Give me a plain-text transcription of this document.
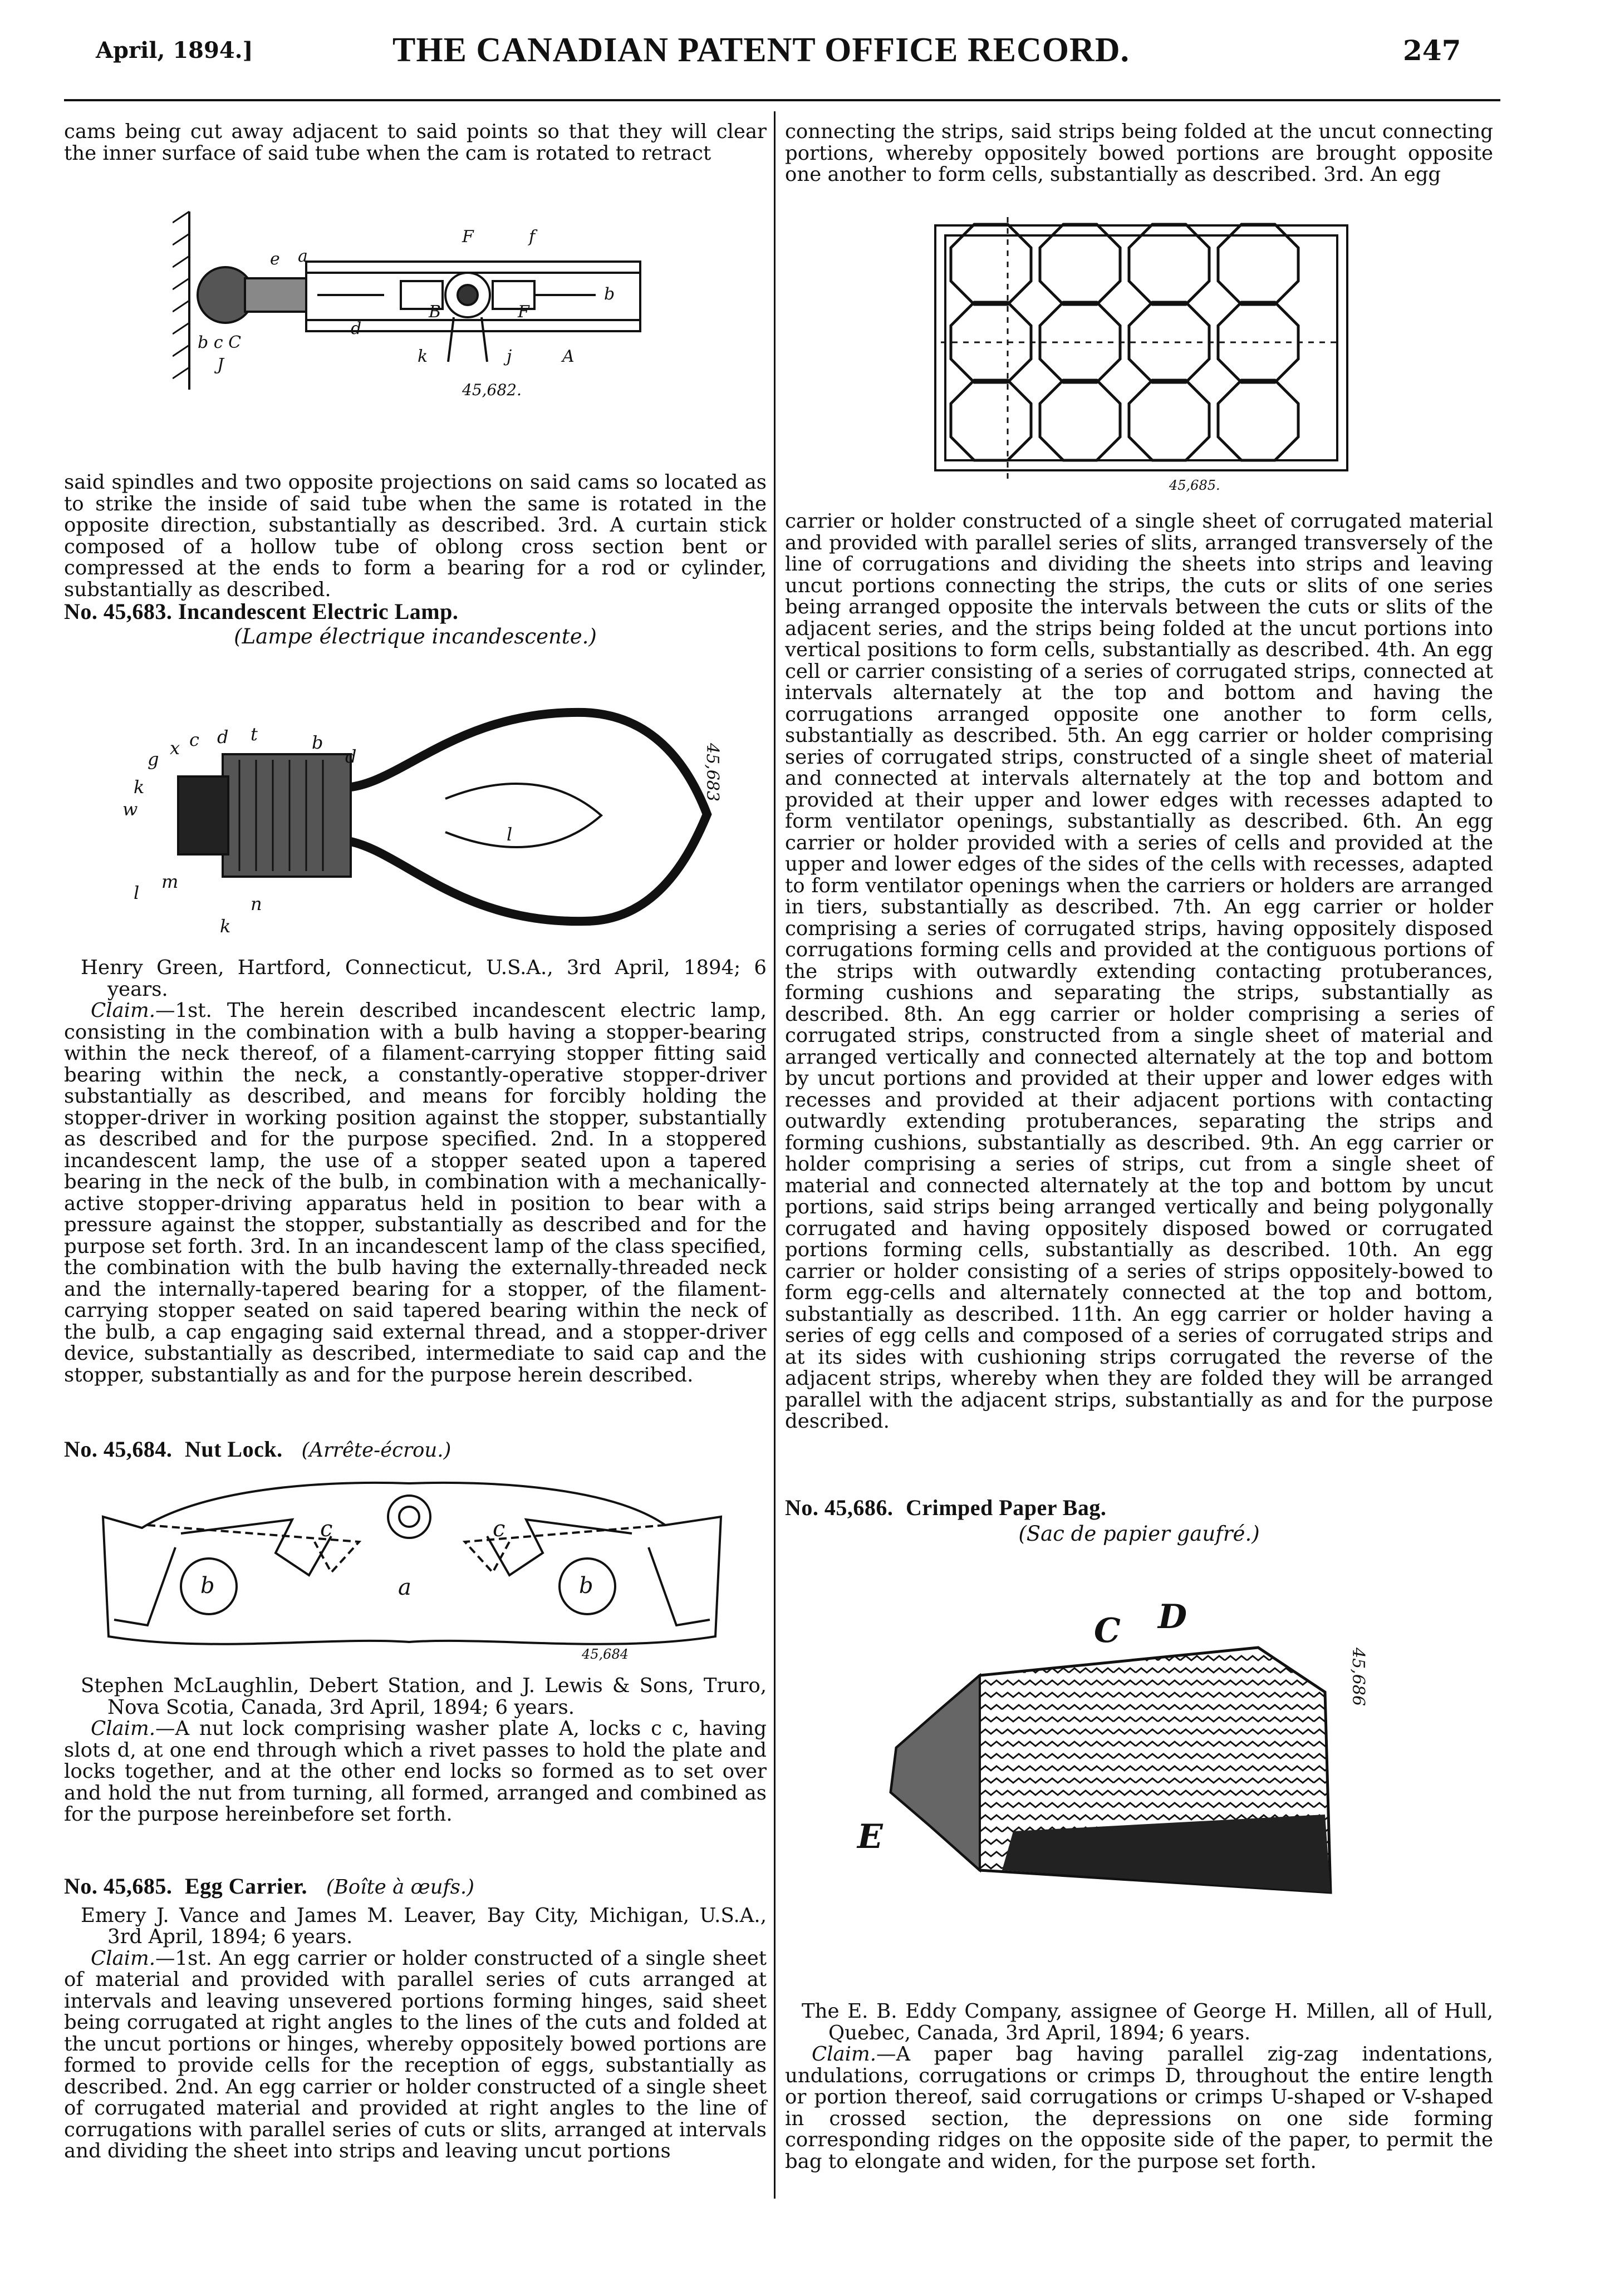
April, 1894.]	THE CANADIAN PATENT OFFICE RECORD.	247

cams being cut away adjacent to said points so that they will clear the inner surface of said tube when the cam is rotated to retract

e a
F	f
B	F
b
d
b c C
J	k	j	A
45,682.

said spindles and two opposite projections on said cams so located as to strike the inside of said tube when the same is rotated in the opposite direction, substantially as described. 3rd. A curtain stick composed of a hollow tube of oblong cross section bent or compressed at the ends to form a bearing for a rod or cylinder, substantially as described.

No. 45,683. Incandescent Electric Lamp.

(Lampe électrique incandescente.)

x
g
c d t	b
d
w
k
l
m
n
k
l
45,683

Henry Green, Hartford, Connecticut, U.S.A., 3rd April, 1894; 6 years.

Claim.—1st. The herein described incandescent electric lamp, consisting in the combination with a bulb having a stopper-bearing within the neck thereof, of a filament-carrying stopper fitting said bearing within the neck, a constantly-operative stopper-driver substantially as described, and means for forcibly holding the stopper-driver in working position against the stopper, substantially as described and for the purpose specified. 2nd. In a stoppered incandescent lamp, the use of a stopper seated upon a tapered bearing in the neck of the bulb, in combination with a mechanically-active stopper-driving apparatus held in position to bear with a pressure against the stopper, substantially as described and for the purpose set forth. 3rd. In an incandescent lamp of the class specified, the combination with the bulb having the externally-threaded neck and the internally-tapered bearing for a stopper, of the filament-carrying stopper seated on said tapered bearing within the neck of the bulb, a cap engaging said external thread, and a stopper-driver device, substantially as described, intermediate to said cap and the stopper, substantially as and for the purpose herein described.

No. 45,684. Nut Lock. (Arrête-écrou.)

b	b
a
c	c
45,684

Stephen McLaughlin, Debert Station, and J. Lewis & Sons, Truro, Nova Scotia, Canada, 3rd April, 1894; 6 years.

Claim.—A nut lock comprising washer plate A, locks c c, having slots d, at one end through which a rivet passes to hold the plate and locks together, and at the other end locks so formed as to set over and hold the nut from turning, all formed, arranged and combined as for the purpose hereinbefore set forth.

No. 45,685. Egg Carrier. (Boîte à œufs.)

Emery J. Vance and James M. Leaver, Bay City, Michigan, U.S.A., 3rd April, 1894; 6 years.

Claim.—1st. An egg carrier or holder constructed of a single sheet of material and provided with parallel series of cuts arranged at intervals and leaving unsevered portions forming hinges, said sheet being corrugated at right angles to the lines of the cuts and folded at the uncut portions or hinges, whereby oppositely bowed portions are formed to provide cells for the reception of eggs, substantially as described. 2nd. An egg carrier or holder constructed of a single sheet of corrugated material and provided at right angles to the line of corrugations with parallel series of cuts or slits, arranged at intervals and dividing the sheet into strips and leaving uncut portions

connecting the strips, said strips being folded at the uncut connecting portions, whereby oppositely bowed portions are brought opposite one another to form cells, substantially as described. 3rd. An egg

45,685.

carrier or holder constructed of a single sheet of corrugated material and provided with parallel series of slits, arranged transversely of the line of corrugations and dividing the sheets into strips and leaving uncut portions connecting the strips, the cuts or slits of one series being arranged opposite the intervals between the cuts or slits of the adjacent series, and the strips being folded at the uncut portions into vertical positions to form cells, substantially as described. 4th. An egg cell or carrier consisting of a series of corrugated strips, connected at intervals alternately at the top and bottom and having the corrugations arranged opposite one another to form cells, substantially as described. 5th. An egg carrier or holder comprising series of corrugated strips, constructed of a single sheet of material and connected at intervals alternately at the top and bottom and provided at their upper and lower edges with recesses adapted to form ventilator openings, substantially as described. 6th. An egg carrier or holder provided with a series of cells and provided at the upper and lower edges of the sides of the cells with recesses, adapted to form ventilator openings when the carriers or holders are arranged in tiers, substantially as described. 7th. An egg carrier or holder comprising a series of corrugated strips, having oppositely disposed corrugations forming cells and provided at the contiguous portions of the strips with outwardly extending contacting protuberances, forming cushions and separating the strips, substantially as described. 8th. An egg carrier or holder comprising a series of corrugated strips, constructed from a single sheet of material and arranged vertically and connected alternately at the top and bottom by uncut portions and provided at their upper and lower edges with recesses and provided at their adjacent portions with contacting outwardly extending protuberances, separating the strips and forming cushions, substantially as described. 9th. An egg carrier or holder comprising a series of strips, cut from a single sheet of material and connected alternately at the top and bottom by uncut portions, said strips being arranged vertically and being polygonally corrugated and having oppositely disposed bowed or corrugated portions forming cells, substantially as described. 10th. An egg carrier or holder consisting of a series of strips oppositely-bowed to form egg-cells and alternately connected at the top and bottom, substantially as described. 11th. An egg carrier or holder having a series of egg cells and composed of a series of corrugated strips and at its sides with cushioning strips corrugated the reverse of the adjacent strips, whereby when they are folded they will be arranged parallel with the adjacent strips, substantially as and for the purpose described.

No. 45,686. Crimped Paper Bag.

(Sac de papier gaufré.)

C D
E
45,686

The E. B. Eddy Company, assignee of George H. Millen, all of Hull, Quebec, Canada, 3rd April, 1894; 6 years.

Claim.—A paper bag having parallel zig-zag indentations, undulations, corrugations or crimps D, throughout the entire length or portion thereof, said corrugations or crimps U-shaped or V-shaped in crossed section, the depressions on one side forming corresponding ridges on the opposite side of the paper, to permit the bag to elongate and widen, for the purpose set forth.
